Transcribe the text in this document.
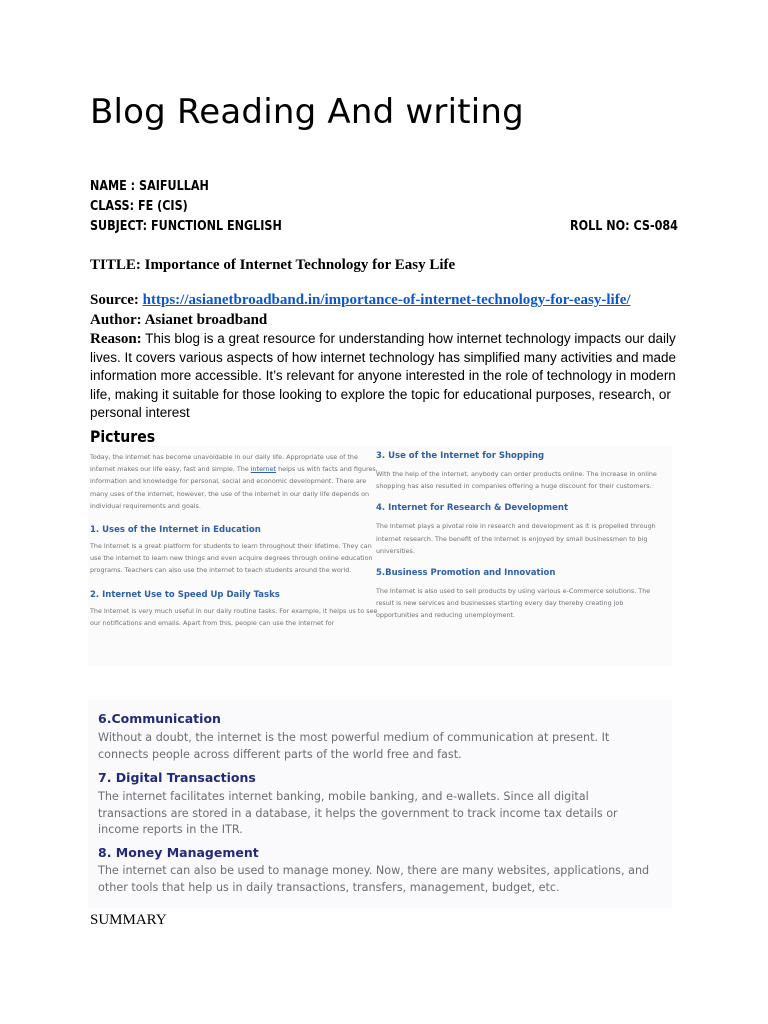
Blog Reading And writing
NAME : SAIFULLAH
CLASS: FE (CIS)
SUBJECT: FUNCTIONL ENGLISH	ROLL NO: CS-084
TITLE: Importance of Internet Technology for Easy Life
Source: https://asianetbroadband.in/importance-of-internet-technology-for-easy-life/
Author: Asianet broadband

Reason: This blog is a great resource for understanding how internet technology impacts our daily lives. It covers various aspects of how internet technology has simplified many activities and made information more accessible. It’s relevant for anyone interested in the role of technology in modern life, making it suitable for those looking to explore the topic for educational purposes, research, or personal interest

Pictures

Today, the internet has become unavoidable in our daily life. Appropriate use of the internet makes our life easy, fast and simple. The internet helps us with facts and figures, information and knowledge for personal, social and economic development. There are many uses of the internet, however, the use of the internet in our daily life depends on individual requirements and goals.

1. Uses of the Internet in Education

The Internet is a great platform for students to learn throughout their lifetime. They can use the internet to learn new things and even acquire degrees through online education programs. Teachers can also use the internet to teach students around the world.

2. Internet Use to Speed Up Daily Tasks

The Internet is very much useful in our daily routine tasks. For example, it helps us to see our notifications and emails. Apart from this, people can use the internet for

3. Use of the Internet for Shopping

With the help of the internet, anybody can order products online. The increase in online shopping has also resulted in companies offering a huge discount for their customers.

4. Internet for Research & Development

The Internet plays a pivotal role in research and development as it is propelled through internet research. The benefit of the internet is enjoyed by small businessmen to big universities.

5.Business Promotion and Innovation

The Internet is also used to sell products by using various e-Commerce solutions. The result is new services and businesses starting every day thereby creating job opportunities and reducing unemployment.

6.Communication

Without a doubt, the internet is the most powerful medium of communication at present. It connects people across different parts of the world free and fast.

7. Digital Transactions

The internet facilitates internet banking, mobile banking, and e-wallets. Since all digital transactions are stored in a database, it helps the government to track income tax details or income reports in the ITR.

8. Money Management

The internet can also be used to manage money. Now, there are many websites, applications, and other tools that help us in daily transactions, transfers, management, budget, etc.

SUMMARY
